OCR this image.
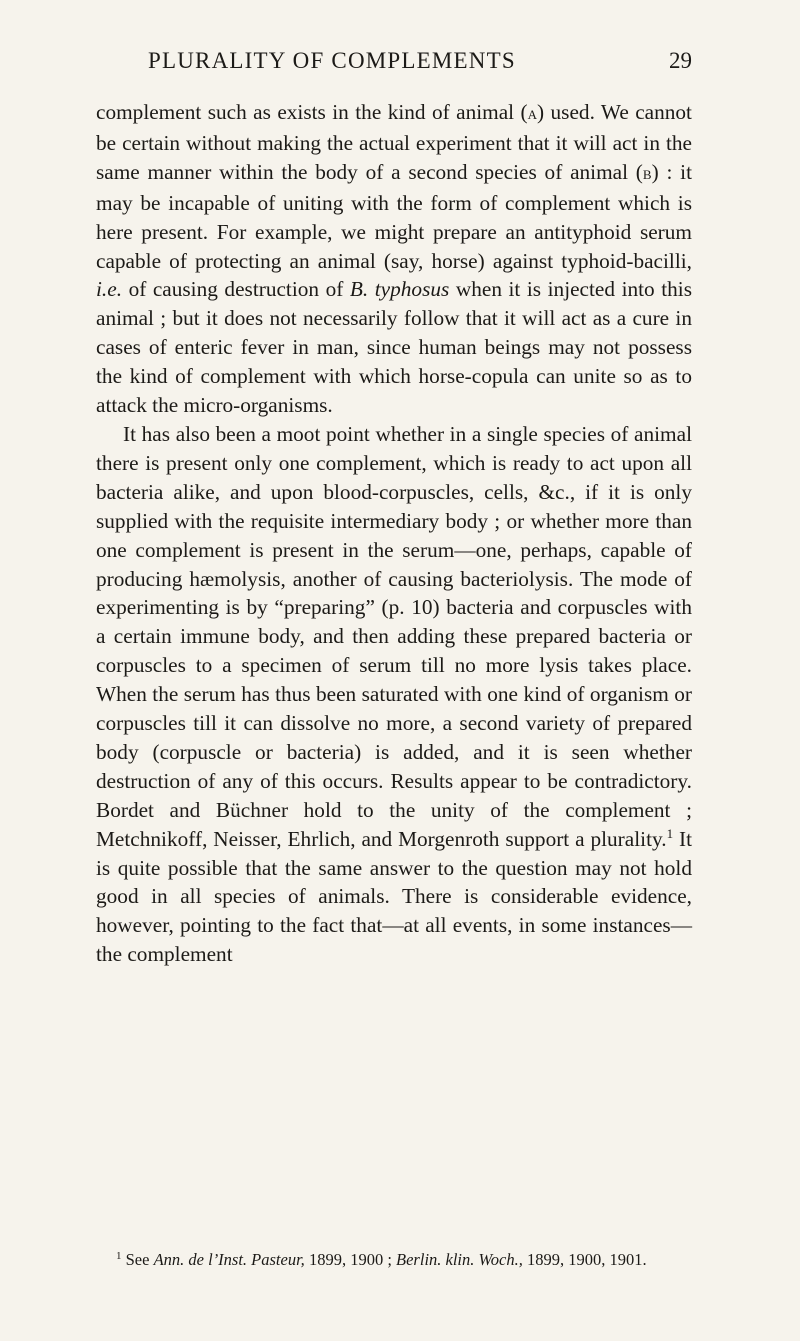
PLURALITY OF COMPLEMENTS	29

complement such as exists in the kind of animal (a) used. We cannot be certain without making the actual experiment that it will act in the same manner within the body of a second species of animal (b) : it may be incapable of uniting with the form of complement which is here present. For example, we might prepare an antityphoid serum capable of protecting an animal (say, horse) against typhoid-bacilli, i.e. of causing destruction of B. typhosus when it is injected into this animal ; but it does not necessarily follow that it will act as a cure in cases of enteric fever in man, since human beings may not possess the kind of complement with which horse-copula can unite so as to attack the micro-organisms.

It has also been a moot point whether in a single species of animal there is present only one complement, which is ready to act upon all bacteria alike, and upon blood-corpuscles, cells, &c., if it is only supplied with the requisite intermediary body ; or whether more than one complement is present in the serum—one, perhaps, capable of producing hæmolysis, another of causing bacteriolysis. The mode of experimenting is by “preparing” (p. 10) bacteria and corpuscles with a certain immune body, and then adding these prepared bacteria or corpuscles to a specimen of serum till no more lysis takes place. When the serum has thus been saturated with one kind of organism or corpuscles till it can dissolve no more, a second variety of prepared body (corpuscle or bacteria) is added, and it is seen whether destruction of any of this occurs. Results appear to be contradictory. Bordet and Büchner hold to the unity of the complement ; Metchnikoff, Neisser, Ehrlich, and Morgenroth support a plurality.$^1$ It is quite possible that the same answer to the question may not hold good in all species of animals. There is considerable evidence, however, pointing to the fact that—at all events, in some instances—the complement

$^1$ See Ann. de l’Inst. Pasteur, 1899, 1900 ; Berlin. klin. Woch., 1899, 1900, 1901.
